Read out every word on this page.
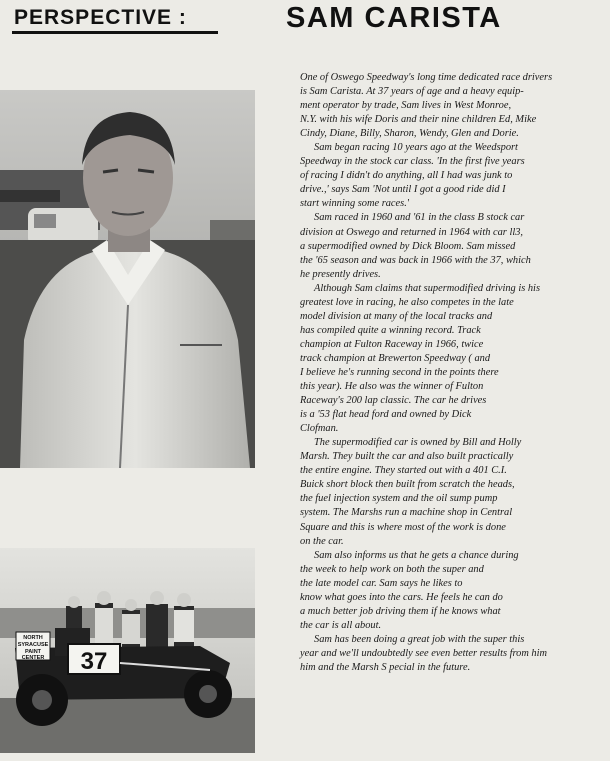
PERSPECTIVE :	SAM CARISTA
37
NORTH
SYRACUSE
PAINT
CENTER
One of Oswego Speedway's long time dedicated race drivers
is Sam Carista. At 37 years of age and a heavy equip-
ment operator by trade, Sam lives in West Monroe,
N.Y. with his wife Doris and their nine children Ed, Mike
Cindy, Diane, Billy, Sharon, Wendy, Glen and Dorie.
Sam began racing 10 years ago at the Weedsport
Speedway in the stock car class. 'In the first five years
of racing I didn't do anything, all I had was junk to
drive.,' says Sam 'Not until I got a good ride did I
start winning some races.'
Sam raced in 1960 and '61 in the class B stock car
division at Oswego and returned in 1964 with car ll3,
a supermodified owned by Dick Bloom. Sam missed
the '65 season and was back in 1966 with the 37, which
he presently drives.
Although Sam claims that supermodified driving is his
greatest love in racing, he also competes in the late
model division at many of the local tracks and
has compiled quite a winning record. Track
champion at Fulton Raceway in 1966, twice
track champion at Brewerton Speedway ( and
I believe he's running second in the points there
this year). He also was the winner of Fulton
Raceway's 200 lap classic. The car he drives
is a '53 flat head ford and owned by Dick
Clofman.
The supermodified car is owned by Bill and Holly
Marsh. They built the car and also built practically
the entire engine. They started out with a 401 C.I.
Buick short block then built from scratch the heads,
the fuel injection system and the oil sump pump
system. The Marshs run a machine shop in Central
Square and this is where most of the work is done
on the car.
Sam also informs us that he gets a chance during
the week to help work on both the super and
the late model car. Sam says he likes to
know what goes into the cars. He feels he can do
a much better job driving them if he knows what
the car is all about.
Sam has been doing a great job with the super this
year and we'll undoubtedly see even better results from him
him and the Marsh S pecial in the future.
